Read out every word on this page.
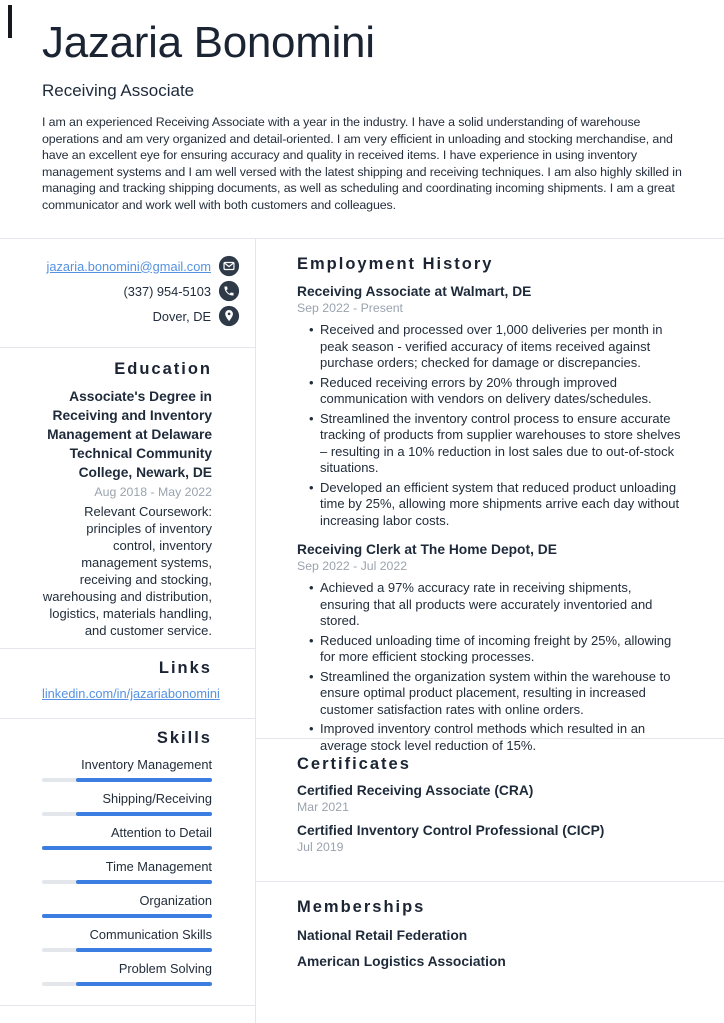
Jazaria Bonomini
Receiving Associate
I am an experienced Receiving Associate with a year in the industry. I have a solid understanding of warehouse operations and am very organized and detail-oriented. I am very efficient in unloading and stocking merchandise, and have an excellent eye for ensuring accuracy and quality in received items. I have experience in using inventory management systems and I am well versed with the latest shipping and receiving techniques. I am also highly skilled in managing and tracking shipping documents, as well as scheduling and coordinating incoming shipments. I am a great communicator and work well with both customers and colleagues.
jazaria.bonomini@gmail.com
(337) 954-5103
Dover, DE
Education
Associate's Degree in Receiving and Inventory Management at Delaware Technical Community College, Newark, DE
Aug 2018 - May 2022
Relevant Coursework: principles of inventory control, inventory management systems, receiving and stocking, warehousing and distribution, logistics, materials handling, and customer service.
Links
linkedin.com/in/jazariabonomini
Skills
Inventory Management
Shipping/Receiving
Attention to Detail
Time Management
Organization
Communication Skills
Problem Solving
Employment History
Receiving Associate at Walmart, DE
Sep 2022 - Present
• Received and processed over 1,000 deliveries per month in peak season - verified accuracy of items received against purchase orders; checked for damage or discrepancies.
• Reduced receiving errors by 20% through improved communication with vendors on delivery dates/schedules.
• Streamlined the inventory control process to ensure accurate tracking of products from supplier warehouses to store shelves – resulting in a 10% reduction in lost sales due to out-of-stock situations.
• Developed an efficient system that reduced product unloading time by 25%, allowing more shipments arrive each day without increasing labor costs.
Receiving Clerk at The Home Depot, DE
Sep 2022 - Jul 2022
• Achieved a 97% accuracy rate in receiving shipments, ensuring that all products were accurately inventoried and stored.
• Reduced unloading time of incoming freight by 25%, allowing for more efficient stocking processes.
• Streamlined the organization system within the warehouse to ensure optimal product placement, resulting in increased customer satisfaction rates with online orders.
• Improved inventory control methods which resulted in an average stock level reduction of 15%.
Certificates
Certified Receiving Associate (CRA)
Mar 2021
Certified Inventory Control Professional (CICP)
Jul 2019
Memberships
National Retail Federation
American Logistics Association
